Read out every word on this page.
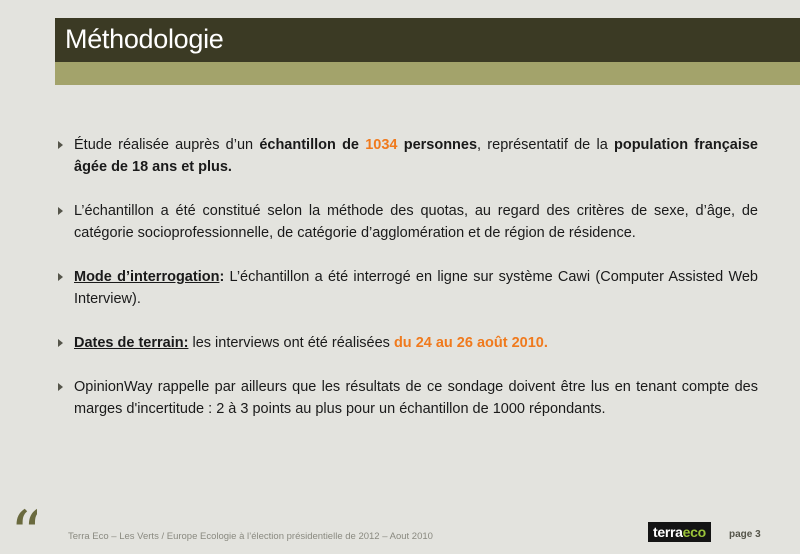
Méthodologie
Étude réalisée auprès d’un échantillon de 1034 personnes, représentatif de la population française âgée de 18 ans et plus.
L’échantillon a été constitué selon la méthode des quotas, au regard des critères de sexe, d’âge, de catégorie socioprofessionnelle, de catégorie d’agglomération et de région de résidence.
Mode d’interrogation: L’échantillon a été interrogé en ligne sur système Cawi (Computer Assisted Web Interview).
Dates de terrain: les interviews ont été réalisées du 24 au 26 août 2010.
OpinionWay rappelle par ailleurs que les résultats de ce sondage doivent être lus en tenant compte des marges d'incertitude : 2 à 3 points au plus pour un échantillon de 1000 répondants.
“	Terra Eco – Les Verts / Europe Ecologie à l’élection présidentielle de 2012 – Aout 2010	terraeco	page 3
